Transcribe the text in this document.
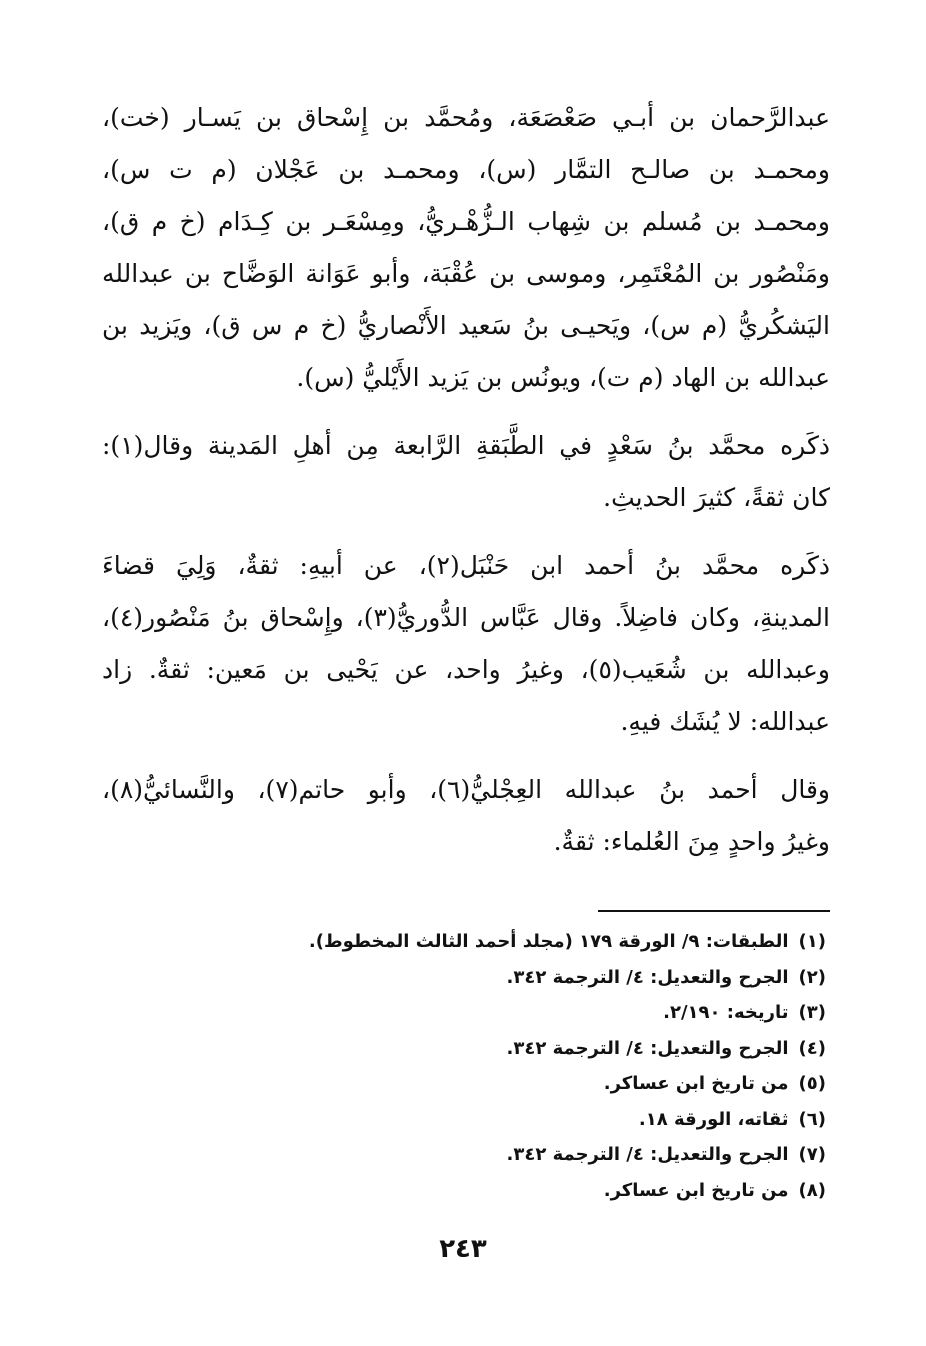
عبدالرَّحمان بن أبـي صَعْصَعَة، ومُحمَّد بن إِسْحاق بن يَسـار (خت)،
ومحمـد بن صالـح التمَّار (س)، ومحمـد بن عَجْلان (م ت س)،
ومحمـد بن مُسلم بن شِهاب الـزُّهْـريُّ، ومِسْعَـر بن كِـدَام (خ م ق)،
ومَنْصُور بن المُعْتَمِر، وموسى بن عُقْبَة، وأبو عَوَانة الوَضَّاح بن عبدالله
اليَشكُريُّ (م س)، ويَحيـى بنُ سَعيد الأَنْصاريُّ (خ م س ق)، ويَزيد بن
عبدالله بن الهاد (م ت)، ويونُس بن يَزيد الأَيْليُّ (س).
ذكَره محمَّد بنُ سَعْدٍ في الطَّبَقةِ الرَّابعة مِن أهلِ المَدينة وقال(١):
كان ثقةً، كثيرَ الحديثِ.
ذكَره محمَّد بنُ أحمد ابن حَنْبَل(٢)، عن أبيهِ: ثقةٌ، وَلِيَ قضاءَ
المدينةِ، وكان فاضِلاً. وقال عَبَّاس الدُّوريُّ(٣)، وإِسْحاق بنُ مَنْصُور(٤)،
وعبدالله بن شُعَيب(٥)، وغيرُ واحد، عن يَحْيى بن مَعين: ثقةٌ. زاد
عبدالله: لا يُشَك فيهِ.
وقال أحمد بنُ عبدالله العِجْليُّ(٦)، وأبو حاتم(٧)، والنَّسائيُّ(٨)،
وغيرُ واحدٍ مِنَ العُلماء: ثقةٌ.
(١)الطبقات: ٩/ الورقة ١٧٩ (مجلد أحمد الثالث المخطوط).
(٢)الجرح والتعديل: ٤/ الترجمة ٣٤٢.
(٣)تاريخه: ٢/١٩٠.
(٤)الجرح والتعديل: ٤/ الترجمة ٣٤٢.
(٥)من تاريخ ابن عساكر.
(٦)ثقاته، الورقة ١٨.
(٧)الجرح والتعديل: ٤/ الترجمة ٣٤٢.
(٨)من تاريخ ابن عساكر.
٢٤٣
